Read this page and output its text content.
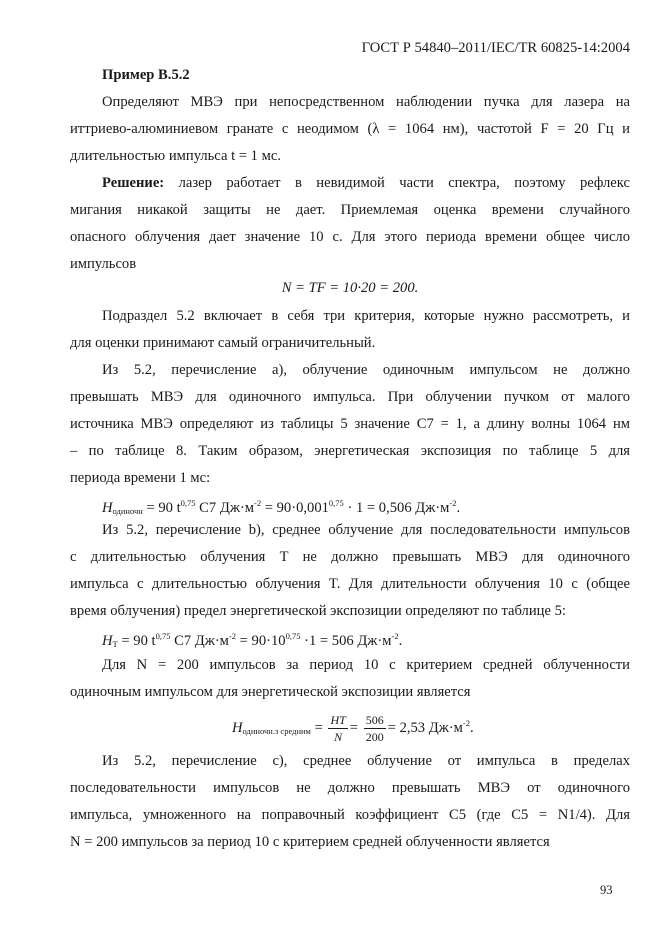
ГОСТ Р 54840–2011/IEC/TR 60825-14:2004
Пример В.5.2
Определяют МВЭ при непосредственном наблюдении пучка для лазера на
иттриево-алюминиевом гранате с неодимом (λ = 1064 нм), частотой F = 20 Гц и
длительностью импульса t = 1 мс.
Решение: лазер работает в невидимой части спектра, поэтому рефлекс
мигания никакой защиты не дает. Приемлемая оценка времени случайного
опасного облучения дает значение 10 с. Для этого периода времени общее число
импульсов
N = TF = 10·20 = 200.
Подраздел 5.2 включает в себя три критерия, которые нужно рассмотреть, и
для оценки принимают самый ограничительный.
Из 5.2, перечисление а), облучение одиночным импульсом не должно
превышать МВЭ для одиночного импульса. При облучении пучком от малого
источника МВЭ определяют из таблицы 5 значение C7 = 1, а длину волны 1064 нм
– по таблице 8. Таким образом, энергетическая экспозиция по таблице 5 для
периода времени 1 мс:
$H_{одиночн} = 90$ $t^{0,75}$ C7 $Дж\cdot м^{-2} = 90\cdot 0,001^{0,75} \cdot 1 = 0,506$ $Дж\cdot м^{-2}$.
Из 5.2, перечисление b), среднее облучение для последовательности импульсов
с длительностью облучения T не должно превышать МВЭ для одиночного
импульса с длительностью облучения T. Для длительности облучения 10 с (общее
время облучения) предел энергетической экспозиции определяют по таблице 5:
$H_T = 90$ $t^{0,75}$ C7 $Дж\cdot м^{-2} = 90\cdot 10^{0,75} \cdot 1 = 506$ $Дж\cdot м^{-2}$.
Для N = 200 импульсов за период 10 с критерием средней облученности
одиночным импульсом для энергетической экспозиции является
$H_{одиночн.з средним} = \frac{HT}{N} = \frac{506}{200} = 2,53$ $Дж\cdot м^{-2}$.
Из 5.2, перечисление с), среднее облучение от импульса в пределах
последовательности импульсов не должно превышать МВЭ от одиночного
импульса, умноженного на поправочный коэффициент C5 (где C5 = N1/4). Для
N = 200 импульсов за период 10 с критерием средней облученности является
93
